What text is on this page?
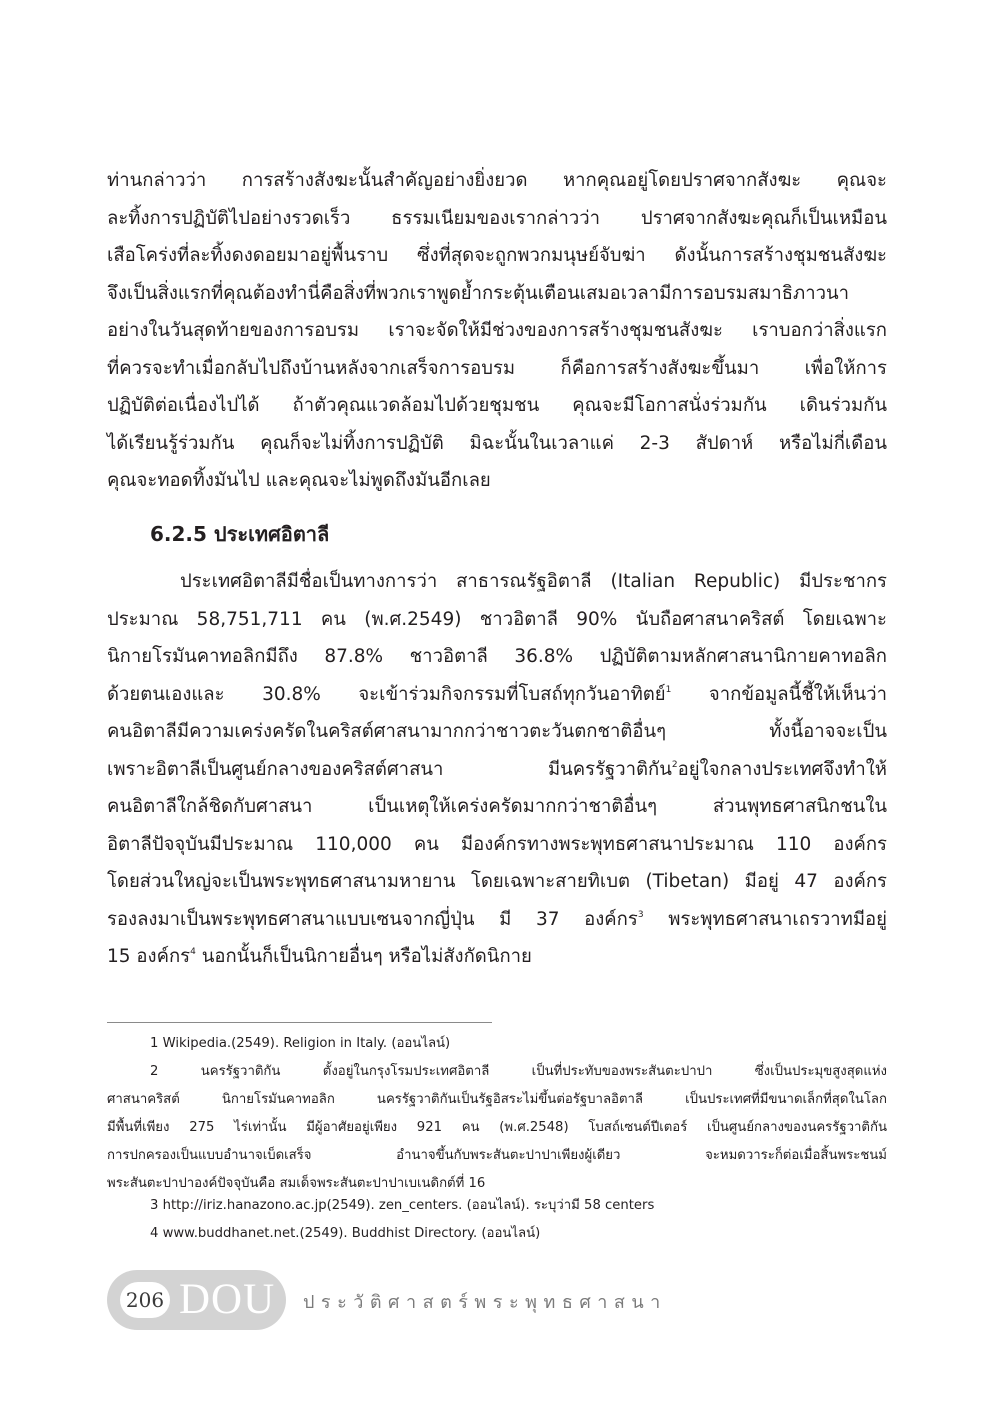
ท่านกล่าวว่า การสร้างสังฆะนั้นสำคัญอย่างยิ่งยวด หากคุณอยู่โดยปราศจากสังฆะ คุณจะ
ละทิ้งการปฏิบัติไปอย่างรวดเร็ว ธรรมเนียมของเรากล่าวว่า ปราศจากสังฆะคุณก็เป็นเหมือน
เสือโคร่งที่ละทิ้งดงดอยมาอยู่พื้นราบ ซึ่งที่สุดจะถูกพวกมนุษย์จับฆ่า ดังนั้นการสร้างชุมชนสังฆะ
จึงเป็นสิ่งแรกที่คุณต้องทำนี่คือสิ่งที่พวกเราพูดย้ำกระตุ้นเตือนเสมอเวลามีการอบรมสมาธิภาวนา
อย่างในวันสุดท้ายของการอบรม เราจะจัดให้มีช่วงของการสร้างชุมชนสังฆะ เราบอกว่าสิ่งแรก
ที่ควรจะทำเมื่อกลับไปถึงบ้านหลังจากเสร็จการอบรม ก็คือการสร้างสังฆะขึ้นมา เพื่อให้การ
ปฏิบัติต่อเนื่องไปได้ ถ้าตัวคุณแวดล้อมไปด้วยชุมชน คุณจะมีโอกาสนั่งร่วมกัน เดินร่วมกัน
ได้เรียนรู้ร่วมกัน คุณก็จะไม่ทิ้งการปฏิบัติ มิฉะนั้นในเวลาแค่ 2-3 สัปดาห์ หรือไม่กี่เดือน
คุณจะทอดทิ้งมันไป และคุณจะไม่พูดถึงมันอีกเลย
6.2.5 ประเทศอิตาลี
ประเทศอิตาลีมีชื่อเป็นทางการว่า สาธารณรัฐอิตาลี (Italian Republic) มีประชากร
ประมาณ 58,751,711 คน (พ.ศ.2549) ชาวอิตาลี 90% นับถือศาสนาคริสต์ โดยเฉพาะ
นิกายโรมันคาทอลิกมีถึง 87.8% ชาวอิตาลี 36.8% ปฏิบัติตามหลักศาสนานิกายคาทอลิก
ด้วยตนเองและ 30.8% จะเข้าร่วมกิจกรรมที่โบสถ์ทุกวันอาทิตย์$^1$ จากข้อมูลนี้ชี้ให้เห็นว่า
คนอิตาลีมีความเคร่งครัดในคริสต์ศาสนามากกว่าชาวตะวันตกชาติอื่นๆ ทั้งนี้อาจจะเป็น
เพราะอิตาลีเป็นศูนย์กลางของคริสต์ศาสนา มีนครรัฐวาติกัน$^2$อยู่ใจกลางประเทศจึงทำให้
คนอิตาลีใกล้ชิดกับศาสนา เป็นเหตุให้เคร่งครัดมากกว่าชาติอื่นๆ ส่วนพุทธศาสนิกชนใน
อิตาลีปัจจุบันมีประมาณ 110,000 คน มีองค์กรทางพระพุทธศาสนาประมาณ 110 องค์กร
โดยส่วนใหญ่จะเป็นพระพุทธศาสนามหายาน โดยเฉพาะสายทิเบต (Tibetan) มีอยู่ 47 องค์กร
รองลงมาเป็นพระพุทธศาสนาแบบเซนจากญี่ปุ่น มี 37 องค์กร$^3$ พระพุทธศาสนาเถรวาทมีอยู่
15 องค์กร$^4$ นอกนั้นก็เป็นนิกายอื่นๆ หรือไม่สังกัดนิกาย
1 Wikipedia.(2549). Religion in Italy. (ออนไลน์)
2 นครรัฐวาติกัน ตั้งอยู่ในกรุงโรมประเทศอิตาลี เป็นที่ประทับของพระสันตะปาปา ซึ่งเป็นประมุขสูงสุดแห่ง
ศาสนาคริสต์ นิกายโรมันคาทอลิก นครรัฐวาติกันเป็นรัฐอิสระไม่ขึ้นต่อรัฐบาลอิตาลี เป็นประเทศที่มีขนาดเล็กที่สุดในโลก
มีพื้นที่เพียง 275 ไร่เท่านั้น มีผู้อาศัยอยู่เพียง 921 คน (พ.ศ.2548) โบสถ์เซนต์ปีเตอร์ เป็นศูนย์กลางของนครรัฐวาติกัน
การปกครองเป็นแบบอำนาจเบ็ดเสร็จ อำนาจขึ้นกับพระสันตะปาปาเพียงผู้เดียว จะหมดวาระก็ต่อเมื่อสิ้นพระชนม์
พระสันตะปาปาองค์ปัจจุบันคือ สมเด็จพระสันตะปาปาเบเนดิกต์ที่ 16
3 http://iriz.hanazono.ac.jp(2549). zen_centers. (ออนไลน์). ระบุว่ามี 58 centers
4 www.buddhanet.net.(2549). Buddhist Directory. (ออนไลน์)
206 DOU ประวัติศาสตร์พระพุทธศาสนา
